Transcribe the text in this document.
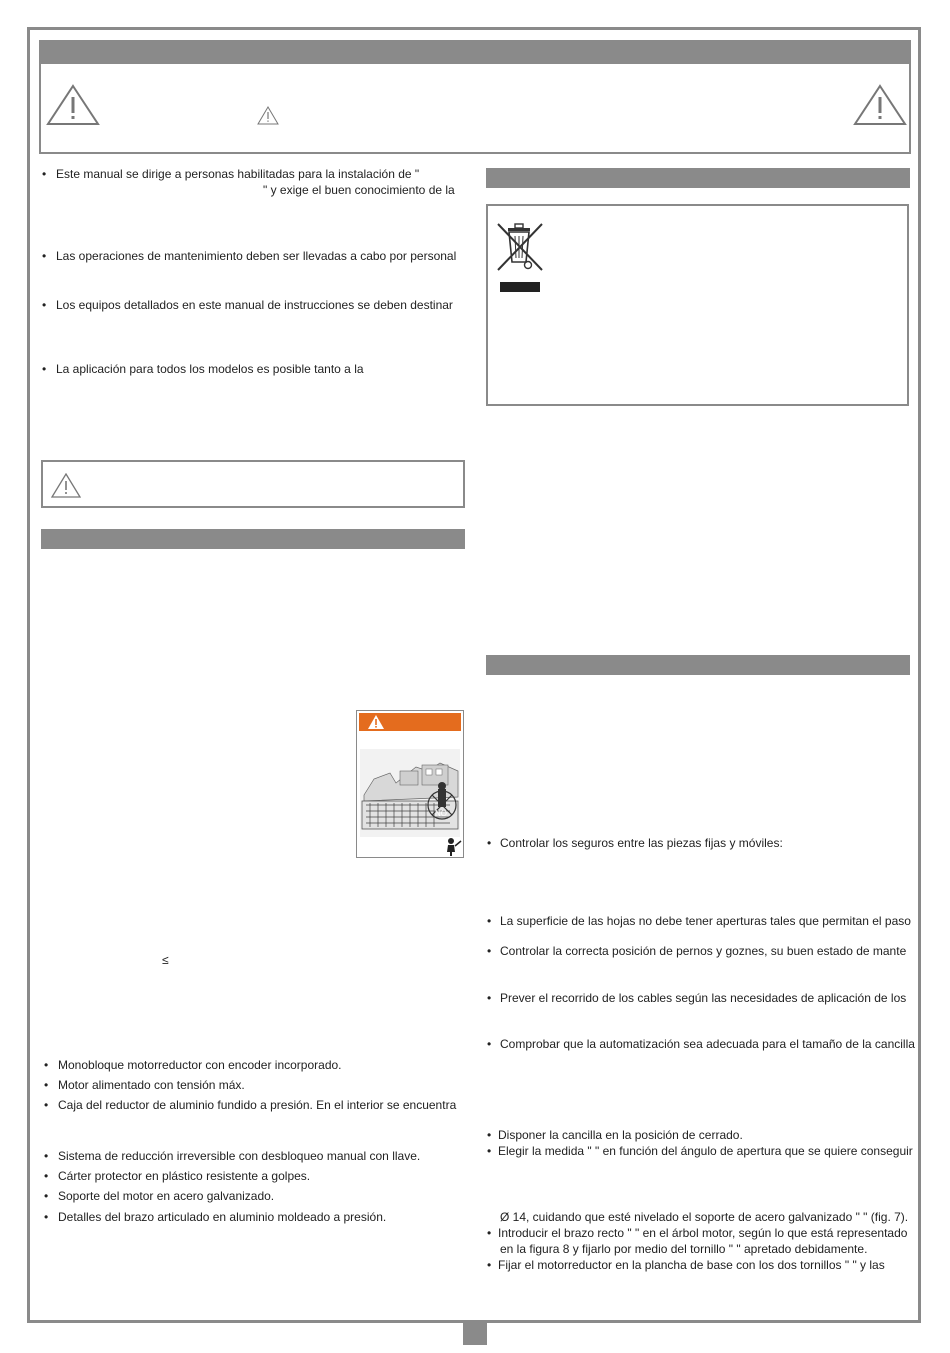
• Este manual se dirige a personas habilitadas para la instalación de "
" y exige el buen conocimiento de la
• Las operaciones de mantenimiento deben ser llevadas a cabo por personal
• Los equipos detallados en este manual de instrucciones se deben destinar
• La aplicación para todos los modelos es posible tanto a la
NO
≤
• Monobloque motorreductor con encoder incorporado.
• Motor alimentado con tensión máx.
• Caja del reductor de aluminio fundido a presión. En el interior se encuentra
• Sistema de reducción irreversible con desbloqueo manual con llave.
• Cárter protector en plástico resistente a golpes.
• Soporte del motor en acero galvanizado.
• Detalles del brazo articulado en aluminio moldeado a presión.
• Controlar los seguros entre las piezas fijas y móviles:
• La superficie de las hojas no debe tener aperturas tales que permitan el paso
• Controlar la correcta posición de pernos y goznes, su buen estado de mante
• Prever el recorrido de los cables según las necesidades de aplicación de los
• Comprobar que la automatización sea adecuada para el tamaño de la cancilla
• Disponer la cancilla en la posición de cerrado.
• Elegir la medida " " en función del ángulo de apertura que se quiere conseguir
Ø 14, cuidando que esté nivelado el soporte de acero galvanizado " " (fig. 7).
• Introducir el brazo recto " " en el árbol motor, según lo que está representado
en la figura 8 y fijarlo por medio del tornillo " " apretado debidamente.
• Fijar el motorreductor en la plancha de base con los dos tornillos " " y las
